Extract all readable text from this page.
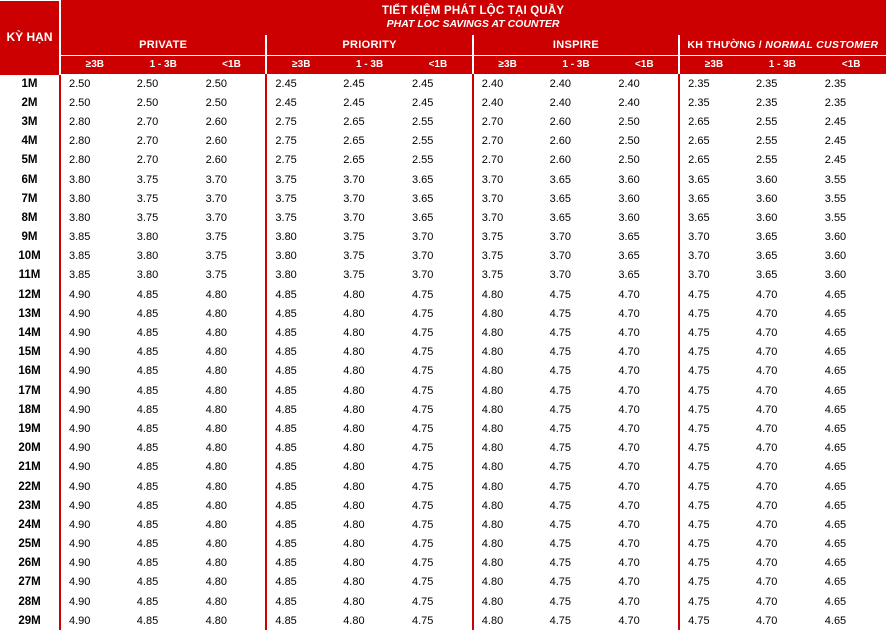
KỲ HẠN	TIẾT KIỆM PHÁT LỘC TẠI QUẦY
PHAT LOC SAVINGS AT COUNTER											

	PRIVATE			PRIORITY			INSPIRE			KH THƯỜNG / NORMAL CUSTOMER		
	≥3B	1 - 3B	<1B	≥3B	1 - 3B	<1B	≥3B	1 - 3B	<1B	≥3B	1 - 3B	<1B
1M	2.50	2.50	2.50	2.45	2.45	2.45	2.40	2.40	2.40	2.35	2.35	2.35
2M	2.50	2.50	2.50	2.45	2.45	2.45	2.40	2.40	2.40	2.35	2.35	2.35
3M	2.80	2.70	2.60	2.75	2.65	2.55	2.70	2.60	2.50	2.65	2.55	2.45
4M	2.80	2.70	2.60	2.75	2.65	2.55	2.70	2.60	2.50	2.65	2.55	2.45
5M	2.80	2.70	2.60	2.75	2.65	2.55	2.70	2.60	2.50	2.65	2.55	2.45
6M	3.80	3.75	3.70	3.75	3.70	3.65	3.70	3.65	3.60	3.65	3.60	3.55
7M	3.80	3.75	3.70	3.75	3.70	3.65	3.70	3.65	3.60	3.65	3.60	3.55
8M	3.80	3.75	3.70	3.75	3.70	3.65	3.70	3.65	3.60	3.65	3.60	3.55
9M	3.85	3.80	3.75	3.80	3.75	3.70	3.75	3.70	3.65	3.70	3.65	3.60
10M	3.85	3.80	3.75	3.80	3.75	3.70	3.75	3.70	3.65	3.70	3.65	3.60
11M	3.85	3.80	3.75	3.80	3.75	3.70	3.75	3.70	3.65	3.70	3.65	3.60
12M	4.90	4.85	4.80	4.85	4.80	4.75	4.80	4.75	4.70	4.75	4.70	4.65
13M	4.90	4.85	4.80	4.85	4.80	4.75	4.80	4.75	4.70	4.75	4.70	4.65
14M	4.90	4.85	4.80	4.85	4.80	4.75	4.80	4.75	4.70	4.75	4.70	4.65
15M	4.90	4.85	4.80	4.85	4.80	4.75	4.80	4.75	4.70	4.75	4.70	4.65
16M	4.90	4.85	4.80	4.85	4.80	4.75	4.80	4.75	4.70	4.75	4.70	4.65
17M	4.90	4.85	4.80	4.85	4.80	4.75	4.80	4.75	4.70	4.75	4.70	4.65
18M	4.90	4.85	4.80	4.85	4.80	4.75	4.80	4.75	4.70	4.75	4.70	4.65
19M	4.90	4.85	4.80	4.85	4.80	4.75	4.80	4.75	4.70	4.75	4.70	4.65
20M	4.90	4.85	4.80	4.85	4.80	4.75	4.80	4.75	4.70	4.75	4.70	4.65
21M	4.90	4.85	4.80	4.85	4.80	4.75	4.80	4.75	4.70	4.75	4.70	4.65
22M	4.90	4.85	4.80	4.85	4.80	4.75	4.80	4.75	4.70	4.75	4.70	4.65
23M	4.90	4.85	4.80	4.85	4.80	4.75	4.80	4.75	4.70	4.75	4.70	4.65
24M	4.90	4.85	4.80	4.85	4.80	4.75	4.80	4.75	4.70	4.75	4.70	4.65
25M	4.90	4.85	4.80	4.85	4.80	4.75	4.80	4.75	4.70	4.75	4.70	4.65
26M	4.90	4.85	4.80	4.85	4.80	4.75	4.80	4.75	4.70	4.75	4.70	4.65
27M	4.90	4.85	4.80	4.85	4.80	4.75	4.80	4.75	4.70	4.75	4.70	4.65
28M	4.90	4.85	4.80	4.85	4.80	4.75	4.80	4.75	4.70	4.75	4.70	4.65
29M	4.90	4.85	4.80	4.85	4.80	4.75	4.80	4.75	4.70	4.75	4.70	4.65
